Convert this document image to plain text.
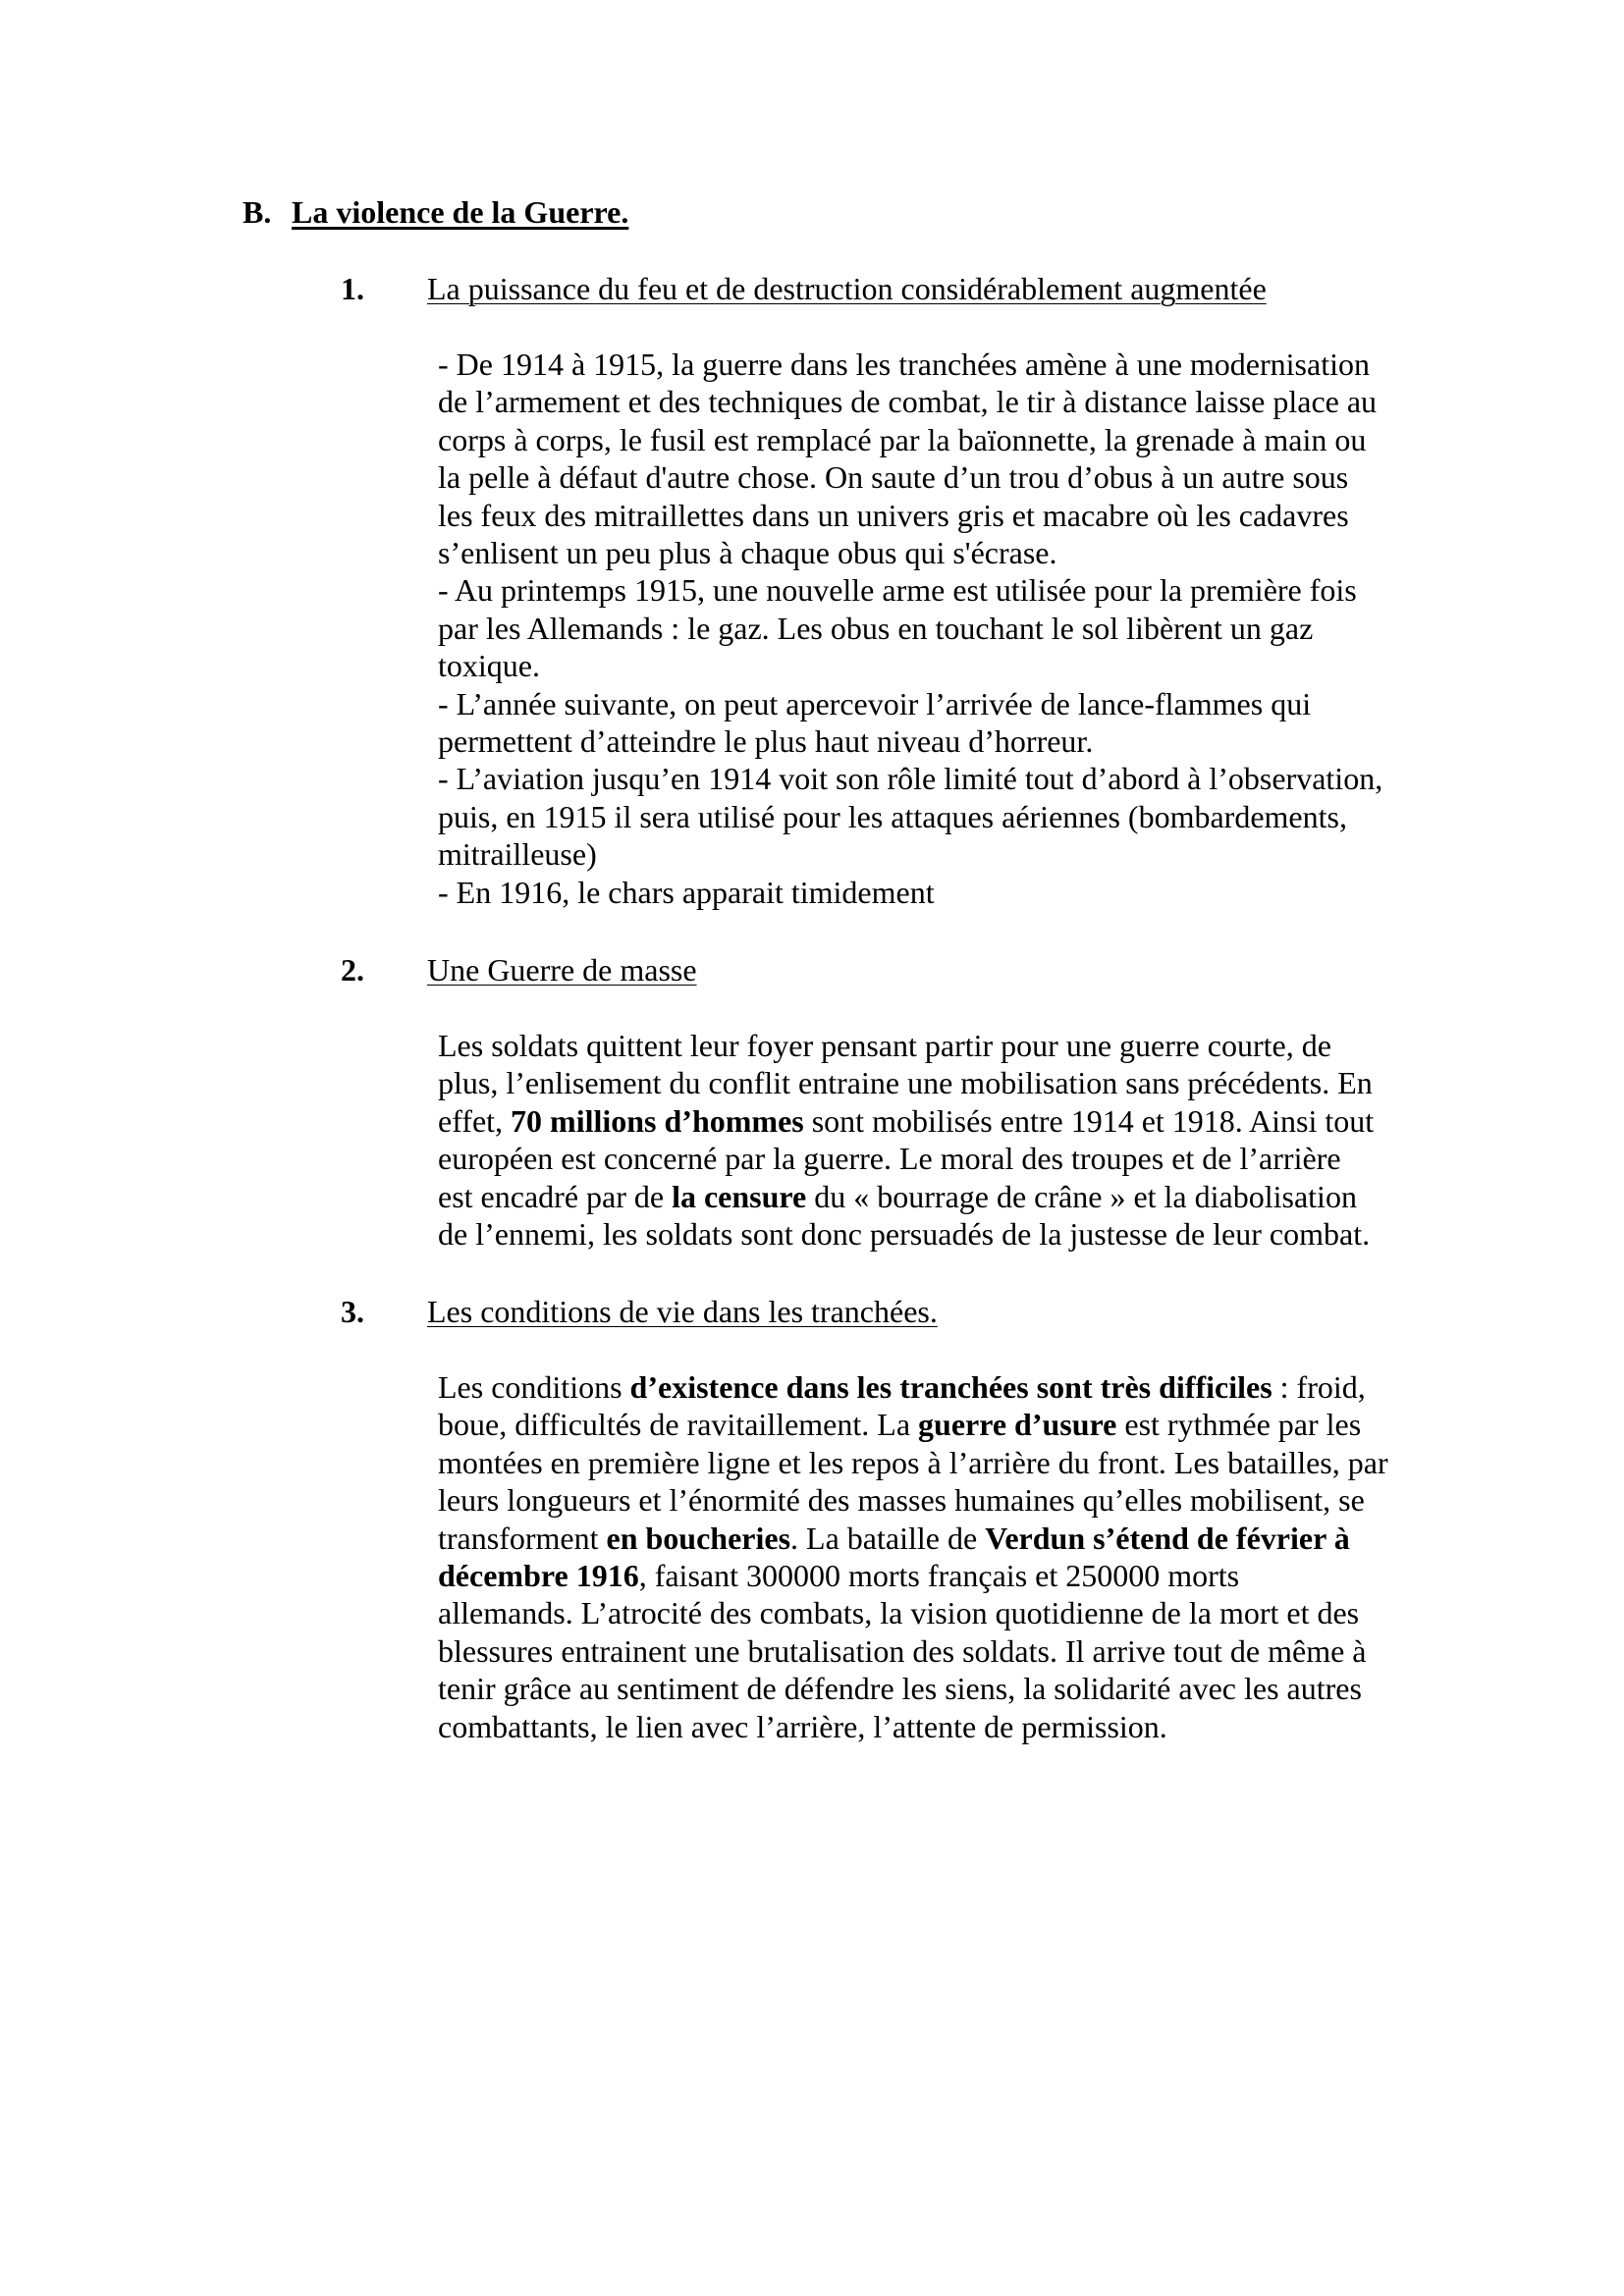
B. La violence de la Guerre.
1. La puissance du feu et de destruction considérablement augmentée
- De 1914 à 1915, la guerre dans les tranchées amène à une modernisation
de l’armement et des techniques de combat, le tir à distance laisse place au
corps à corps, le fusil est remplacé par la baïonnette, la grenade à main ou
la pelle à défaut d'autre chose. On saute d’un trou d’obus à un autre sous
les feux des mitraillettes dans un univers gris et macabre où les cadavres
s’enlisent un peu plus à chaque obus qui s'écrase.
- Au printemps 1915, une nouvelle arme est utilisée pour la première fois
par les Allemands : le gaz. Les obus en touchant le sol libèrent un gaz
toxique.
- L’année suivante, on peut apercevoir l’arrivée de lance-flammes qui
permettent d’atteindre le plus haut niveau d’horreur.
- L’aviation jusqu’en 1914 voit son rôle limité tout d’abord à l’observation,
puis, en 1915 il sera utilisé pour les attaques aériennes (bombardements,
mitrailleuse)
- En 1916, le chars apparait timidement
2. Une Guerre de masse
Les soldats quittent leur foyer pensant partir pour une guerre courte, de
plus, l’enlisement du conflit entraine une mobilisation sans précédents. En
effet, 70 millions d’hommes sont mobilisés entre 1914 et 1918. Ainsi tout
européen est concerné par la guerre. Le moral des troupes et de l’arrière
est encadré par de la censure du « bourrage de crâne » et la diabolisation
de l’ennemi, les soldats sont donc persuadés de la justesse de leur combat.
3. Les conditions de vie dans les tranchées.
Les conditions d’existence dans les tranchées sont très difficiles : froid,
boue, difficultés de ravitaillement. La guerre d’usure est rythmée par les
montées en première ligne et les repos à l’arrière du front. Les batailles, par
leurs longueurs et l’énormité des masses humaines qu’elles mobilisent, se
transforment en boucheries. La bataille de Verdun s’étend de février à
décembre 1916, faisant 300000 morts français et 250000 morts
allemands. L’atrocité des combats, la vision quotidienne de la mort et des
blessures entrainent une brutalisation des soldats. Il arrive tout de même à
tenir grâce au sentiment de défendre les siens, la solidarité avec les autres
combattants, le lien avec l’arrière, l’attente de permission.
